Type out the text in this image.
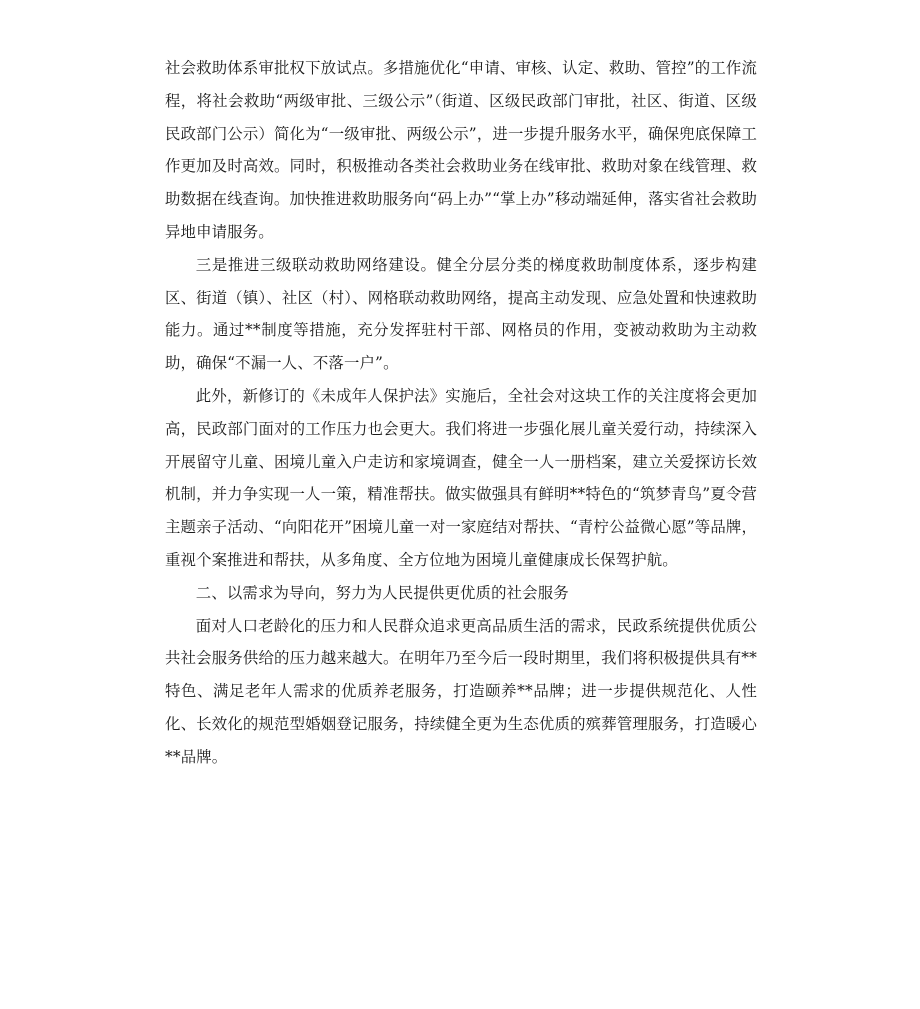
社会救助体系审批权下放试点。多措施优化“申请、审核、认定、救助、管控”的工作流程，将社会救助“两级审批、三级公示”（街道、区级民政部门审批，社区、街道、区级民政部门公示）简化为“一级审批、两级公示”，进一步提升服务水平，确保兜底保障工作更加及时高效。同时，积极推动各类社会救助业务在线审批、救助对象在线管理、救助数据在线查询。加快推进救助服务向“码上办”“掌上办”移动端延伸，落实省社会救助异地申请服务。

三是推进三级联动救助网络建设。健全分层分类的梯度救助制度体系，逐步构建区、街道（镇）、社区（村）、网格联动救助网络，提高主动发现、应急处置和快速救助能力。通过**制度等措施，充分发挥驻村干部、网格员的作用，变被动救助为主动救助，确保“不漏一人、不落一户”。

此外，新修订的《未成年人保护法》实施后，全社会对这块工作的关注度将会更加高，民政部门面对的工作压力也会更大。我们将进一步强化展儿童关爱行动，持续深入开展留守儿童、困境儿童入户走访和家境调查，健全一人一册档案，建立关爱探访长效机制，并力争实现一人一策，精准帮扶。做实做强具有鲜明**特色的“筑梦青鸟”夏令营主题亲子活动、“向阳花开”困境儿童一对一家庭结对帮扶、“青柠公益微心愿”等品牌，重视个案推进和帮扶，从多角度、全方位地为困境儿童健康成长保驾护航。

二、以需求为导向，努力为人民提供更优质的社会服务

面对人口老龄化的压力和人民群众追求更高品质生活的需求，民政系统提供优质公共社会服务供给的压力越来越大。在明年乃至今后一段时期里，我们将积极提供具有**特色、满足老年人需求的优质养老服务，打造颐养**品牌；进一步提供规范化、人性化、长效化的规范型婚姻登记服务，持续健全更为生态优质的殡葬管理服务，打造暖心**品牌。
